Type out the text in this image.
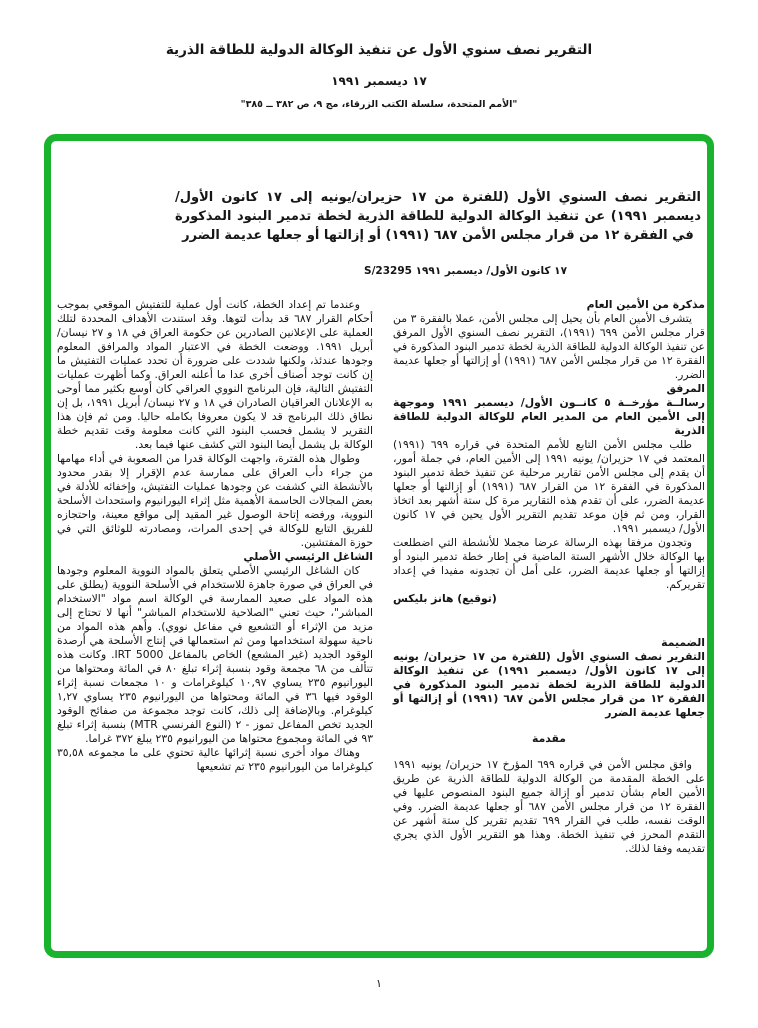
التقرير نصف سنوي الأول عن تنفيذ الوكالة الدولية للطاقة الذرية
١٧ ديسمبر ١٩٩١
"الأمم المتحدة، سلسلة الكتب الزرقاء، مج ٩، ص ٣٨٢ ــ ٣٨٥"
التقرير نصف السنوي الأول (للفترة من ١٧ حزيران/يونيه إلى ١٧ كانون الأول/ ديسمبر ١٩٩١) عن تنفيذ الوكالة الدولية للطاقة الذرية لخطة تدمير البنود المذكورة في الفقرة ١٢ من قرار مجلس الأمن ٦٨٧ (١٩٩١) أو إزالتها أو جعلها عديمة الضرر
١٧ كانون الأول/ ديسمبر ١٩٩١ S/23295
مذكرة من الأمين العام

يتشرف الأمين العام بأن يحيل إلى مجلس الأمن، عملا بالفقرة ٣ من قرار مجلس الأمن ٦٩٩ (١٩٩١)، التقرير نصف السنوي الأول المرفق عن تنفيذ الوكالة الدولية للطاقة الذرية لخطة تدمير البنود المذكورة في الفقرة ١٢ من قرار مجلس الأمن ٦٨٧ (١٩٩١) أو إزالتها أو جعلها عديمة الضرر.

المرفق

رسالــة مؤرخــة ٥ كانــون الأول/ ديسمبر ١٩٩١ وموجهة إلى الأمين العام من المدير العام للوكالة الدولية للطاقة الذرية

طلب مجلس الأمن التابع للأمم المتحدة في قراره ٦٩٩ (١٩٩١) المعتمد في ١٧ حزيران/ يونيه ١٩٩١ إلى الأمين العام، في جملة أمور، أن يقدم إلى مجلس الأمن تقارير مرحلية عن تنفيذ خطة تدمير البنود المذكورة في الفقرة ١٢ من القرار ٦٨٧ (١٩٩١) أو إزالتها أو جعلها عديمة الضرر، على أن تقدم هذه التقارير مرة كل ستة أشهر بعد اتخاذ القرار، ومن ثم فإن موعد تقديم التقرير الأول يحين في ١٧ كانون الأول/ ديسمبر ١٩٩١.

وتجدون مرفقا بهذه الرسالة عرضا مجملا للأنشطة التي اضطلعت بها الوكالة خلال الأشهر الستة الماضية في إطار خطة تدمير البنود أو إزالتها أو جعلها عديمة الضرر، على أمل أن تجدونه مفيدا في إعداد تقريركم.

(توقيع) هانز بليكس

الضميمة

التقرير نصف السنوي الأول (للفترة من ١٧ حزيران/ يونيه إلى ١٧ كانون الأول/ ديسمبر ١٩٩١) عن تنفيذ الوكالة الدولية للطاقة الذرية لخطة تدمير البنود المذكورة في الفقرة ١٢ من قرار مجلس الأمن ٦٨٧ (١٩٩١) أو إزالتها أو جعلها عديمة الضرر

مقدمة

وافق مجلس الأمن في قراره ٦٩٩ المؤرخ ١٧ حزيران/ يونيه ١٩٩١ على الخطة المقدمة من الوكالة الدولية للطاقة الذرية عن طريق الأمين العام بشأن تدمير أو إزالة جميع البنود المنصوص عليها في الفقرة ١٢ من قرار مجلس الأمن ٦٨٧ أو جعلها عديمة الضرر. وفي الوقت نفسه، طلب في القرار ٦٩٩ تقديم تقرير كل ستة أشهر عن التقدم المحرز في تنفيذ الخطة. وهذا هو التقرير الأول الذي يجري تقديمه وفقا لذلك.

وعندما تم إعداد الخطة، كانت أول عملية للتفتيش الموقعي بموجب أحكام القرار ٦٨٧ قد بدأت لتوها. وقد استندت الأهداف المحددة لتلك العملية على الإعلانين الصادرين عن حكومة العراق في ١٨ و ٢٧ نيسان/ أبريل ١٩٩١. ووضعت الخطة في الاعتبار المواد والمرافق المعلوم وجودها عندئذ، ولكنها شددت على ضرورة أن تحدد عمليات التفتيش ما إن كانت توجد أصناف أخرى عدا ما أعلنه العراق. وكما أظهرت عمليات التفتيش التالية، فإن البرنامج النووي العراقي كان أوسع بكثير مما أوحى به الإعلانان العراقيان الصادران في ١٨ و ٢٧ نيسان/ أبريل ١٩٩١، بل إن نطاق ذلك البرنامج قد لا يكون معروفا بكامله حاليا. ومن ثم فإن هذا التقرير لا يشمل فحسب البنود التي كانت معلومة وقت تقديم خطة الوكالة بل يشمل أيضا البنود التي كشف عنها فيما بعد.

وطوال هذه الفترة، واجهت الوكالة قدرا من الصعوبة في أداء مهامها من جراء دأب العراق على ممارسة عدم الإقرار إلا بقدر محدود بالأنشطة التي كشفت عن وجودها عمليات التفتيش، وإخفائه للأدلة في بعض المجالات الحاسمة الأهمية مثل إثراء اليورانيوم واستحداث الأسلحة النووية، ورفضه إتاحة الوصول غير المقيد إلى مواقع معينة، واحتجازه للفريق التابع للوكالة في إحدى المرات، ومصادرته للوثائق التي في حوزة المفتشين.

الشاغل الرئيسي الأصلي

كان الشاغل الرئيسي الأصلي يتعلق بالمواد النووية المعلوم وجودها في العراق في صورة جاهزة للاستخدام في الأسلحة النووية (يطلق على هذه المواد على صعيد الممارسة في الوكالة اسم مواد "الاستخدام المباشر"، حيث تعني "الصلاحية للاستخدام المباشر" أنها لا تحتاج إلى مزيد من الإثراء أو التشعيع في مفاعل نووي). وأهم هذه المواد من ناحية سهولة استخدامها ومن ثم استعمالها في إنتاج الأسلحة هي أرصدة الوقود الجديد (غير المشعع) الخاص بالمفاعل IRT 5000. وكانت هذه تتألف من ٦٨ مجمعة وقود بنسبة إثراء تبلغ ٨٠ في المائة ومحتواها من اليورانيوم ٢٣٥ يساوي ١٠,٩٧ كيلوغرامات و ١٠ مجمعات نسبة إثراء الوقود فيها ٣٦ في المائة ومحتواها من اليورانيوم ٢٣٥ يساوي ١,٢٧ كيلوغرام. وبالإضافة إلى ذلك، كانت توجد مجموعة من صفائح الوقود الجديد تخص المفاعل تموز - ٢ (النوع الفرنسي MTR) بنسبة إثراء تبلغ ٩٣ في المائة ومجموع محتواها من اليورانيوم ٢٣٥ يبلغ ٣٧٢ غراما.

وهناك مواد أخرى نسبة إثرائها عالية تحتوي على ما مجموعه ٣٥,٥٨ كيلوغراما من اليورانيوم ٢٣٥ تم تشعيعها

١
